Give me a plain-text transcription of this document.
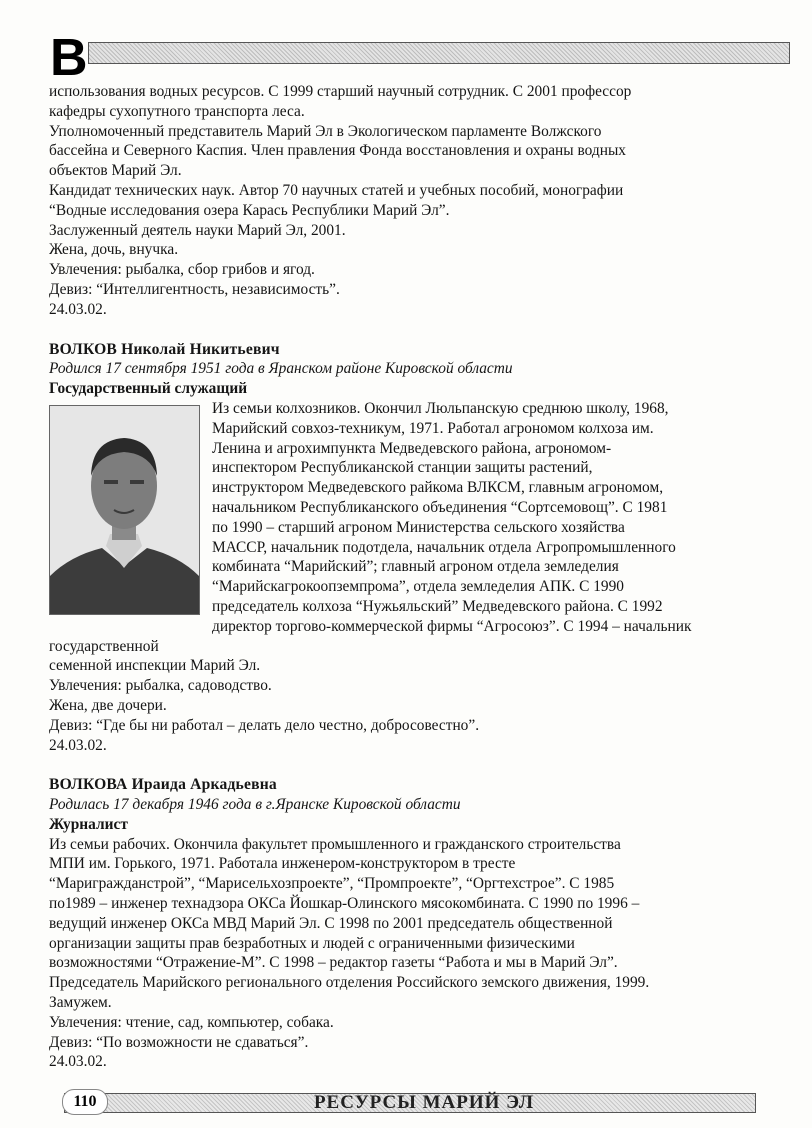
В

использования водных ресурсов. С 1999 старший научный сотрудник. С 2001 профессор

кафедры сухопутного транспорта леса.

Уполномоченный представитель Марий Эл в Экологическом парламенте Волжского

бассейна и Северного Каспия. Член правления Фонда восстановления и охраны водных

объектов Марий Эл.

Кандидат технических наук. Автор 70 научных статей и учебных пособий, монографии

“Водные исследования озера Карась Республики Марий Эл”.

Заслуженный деятель науки Марий Эл, 2001.

Жена, дочь, внучка.

Увлечения: рыбалка, сбор грибов и ягод.

Девиз: “Интеллигентность, независимость”.

24.03.02.

ВОЛКОВ Николай Никитьевич

Родился 17 сентября 1951 года в Яранском районе Кировской области

Государственный служащий

Из семьи колхозников. Окончил Люльпанскую среднюю школу, 1968,

Марийский совхоз-техникум, 1971. Работал агрономом колхоза им.

Ленина и агрохимпункта Медведевского района, агрономом-

инспектором Республиканской станции защиты растений,

инструктором Медведевского райкома ВЛКСМ, главным агрономом,

начальником Республиканского объединения “Сортсемовощ”. С 1981

по 1990 – старший агроном Министерства сельского хозяйства

МАССР, начальник подотдела, начальник отдела Агропромышленного

комбината “Марийский”; главный агроном отдела земледелия

“Марийскагрокоопземпрома”, отдела земледелия АПК. С 1990

председатель колхоза “Нужьяльский” Медведевского района. С 1992

директор торгово-коммерческой фирмы “Агросоюз”. С 1994 – начальник государственной

семенной инспекции Марий Эл.

Увлечения: рыбалка, садоводство.

Жена, две дочери.

Девиз: “Где бы ни работал – делать дело честно, добросовестно”.

24.03.02.

ВОЛКОВА Ираида Аркадьевна

Родилась 17 декабря 1946 года в г.Яранске Кировской области

Журналист

Из семьи рабочих. Окончила факультет промышленного и гражданского строительства

МПИ им. Горького, 1971. Работала инженером-конструктором в тресте

“Маригражданстрой”, “Марисельхозпроекте”, “Промпроекте”, “Оргтехстрое”. С 1985

по1989 – инженер технадзора ОКСа Йошкар-Олинского мясокомбината. С 1990 по 1996 –

ведущий инженер ОКСа МВД Марий Эл. С 1998 по 2001 председатель общественной

организации защиты прав безработных и людей с ограниченными физическими

возможностями “Отражение-М”. С 1998 – редактор газеты “Работа и мы в Марий Эл”.

Председатель Марийского регионального отделения Российского земского движения, 1999.

Замужем.

Увлечения: чтение, сад, компьютер, собака.

Девиз: “По возможности не сдаваться”.

24.03.02.

110	РЕСУРСЫ МАРИЙ ЭЛ
